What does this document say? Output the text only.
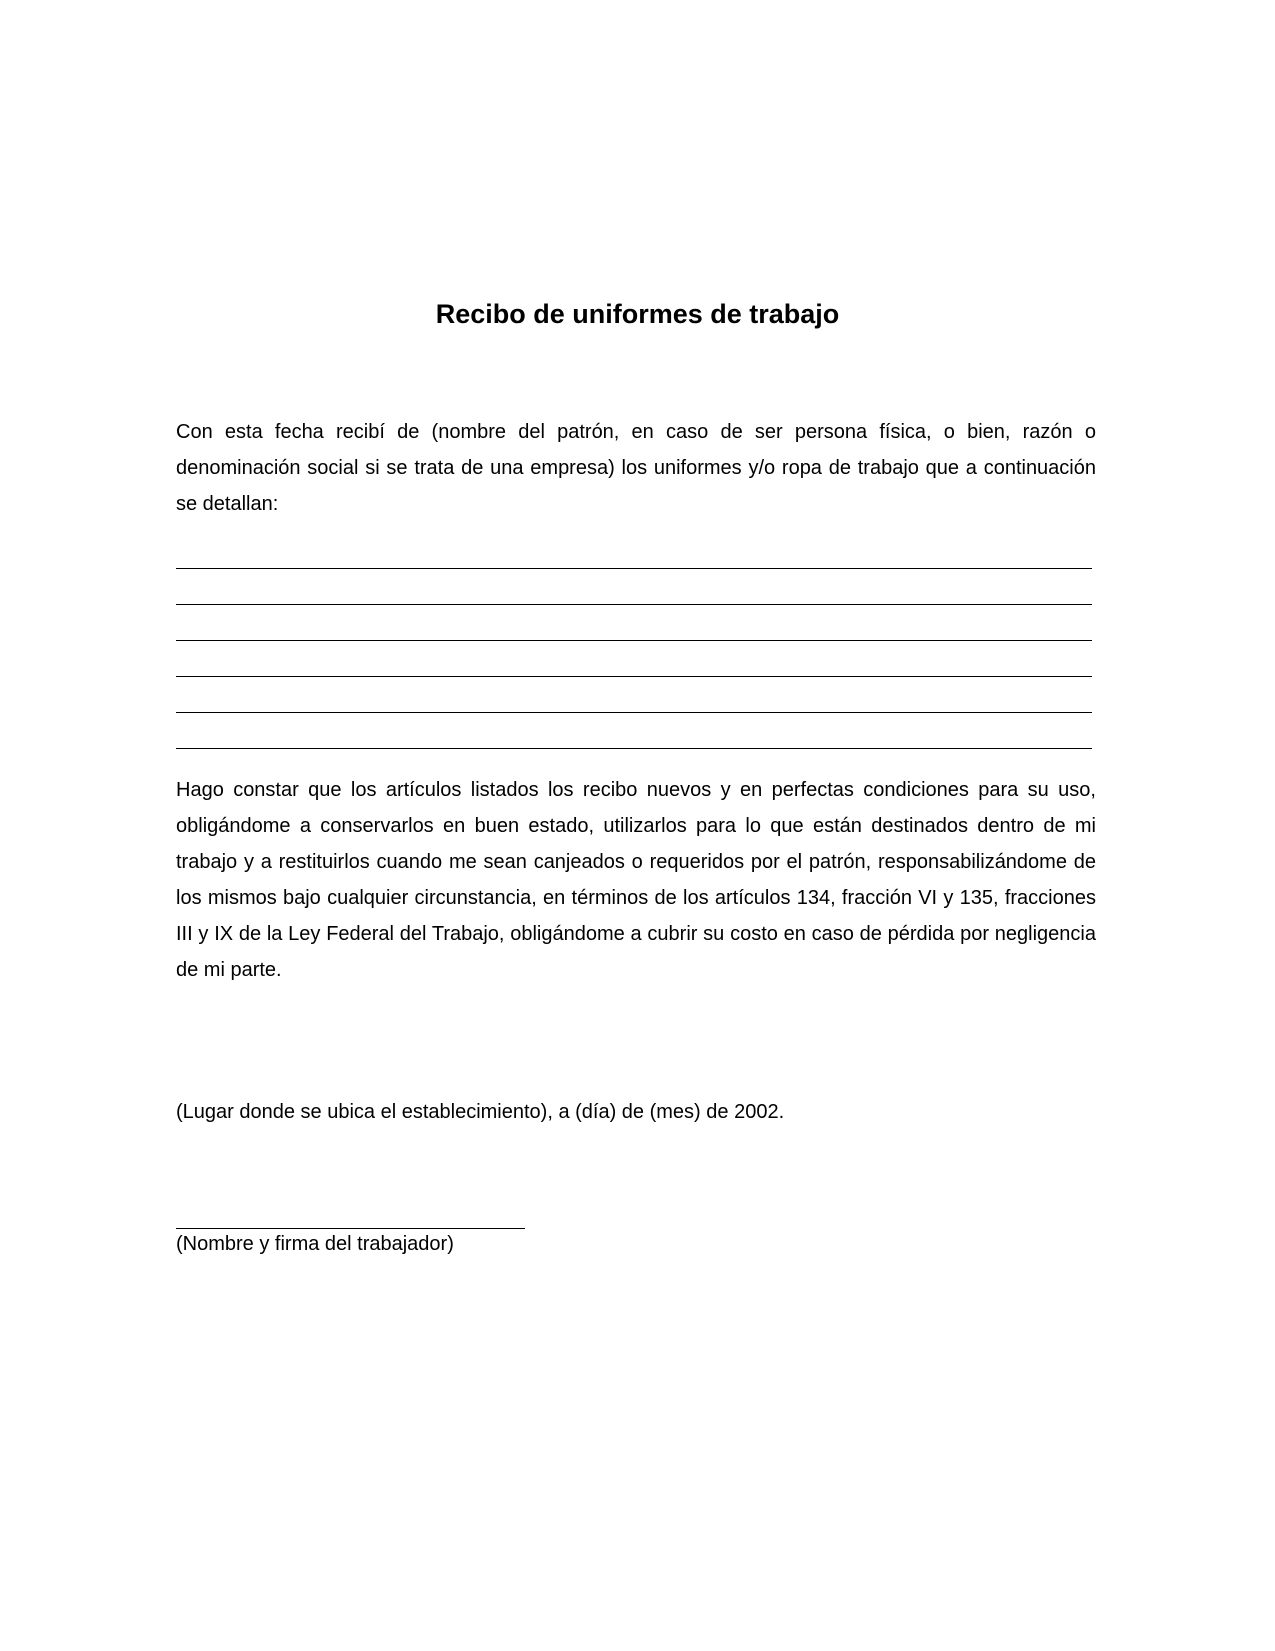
Recibo de uniformes de trabajo

Con esta fecha recibí de (nombre del patrón, en caso de ser persona física, o bien, razón o denominación social si se trata de una empresa) los uniformes y/o ropa de trabajo que a continuación se detallan:

Hago constar que los artículos listados los recibo nuevos y en perfectas condiciones para su uso, obligándome a conservarlos en buen estado, utilizarlos para lo que están destinados dentro de mi trabajo y a restituirlos cuando me sean canjeados o requeridos por el patrón, responsabilizándome de los mismos bajo cualquier circunstancia, en términos de los artículos 134, fracción VI y 135, fracciones III y IX de la Ley Federal del Trabajo, obligándome a cubrir su costo en caso de pérdida por negligencia de mi parte.

(Lugar donde se ubica el establecimiento), a (día) de (mes) de 2002.

(Nombre y firma del trabajador)
